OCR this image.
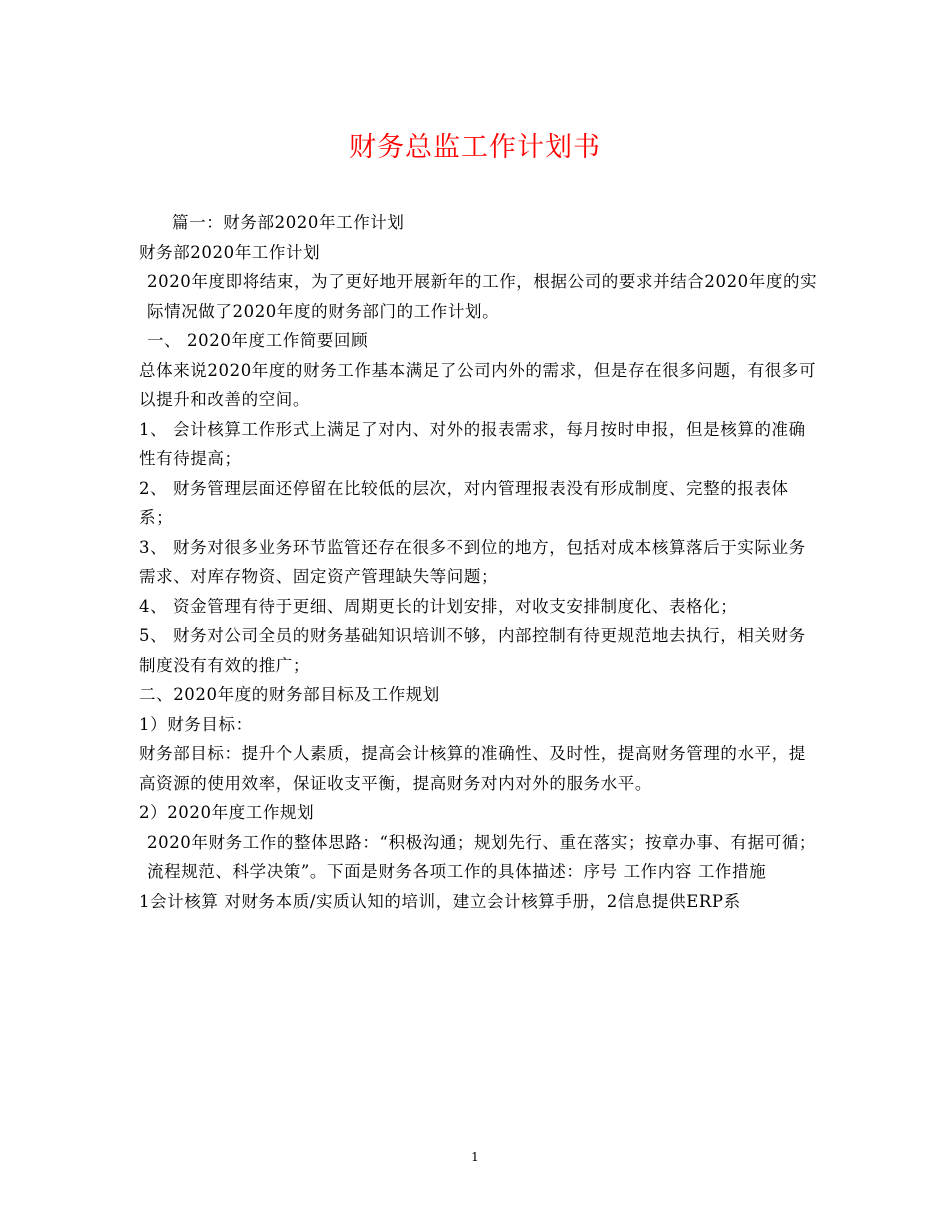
财务总监工作计划书

篇一：财务部2020年工作计划

财务部2020年工作计划

2020年度即将结束，为了更好地开展新年的工作，根据公司的要求并结合2020年度的实际情况做了2020年度的财务部门的工作计划。

一、 2020年度工作简要回顾

总体来说2020年度的财务工作基本满足了公司内外的需求，但是存在很多问题，有很多可以提升和改善的空间。

1、 会计核算工作形式上满足了对内、对外的报表需求，每月按时申报，但是核算的准确性有待提高；

2、 财务管理层面还停留在比较低的层次，对内管理报表没有形成制度、完整的报表体系；

3、 财务对很多业务环节监管还存在很多不到位的地方，包括对成本核算落后于实际业务需求、对库存物资、固定资产管理缺失等问题；

4、 资金管理有待于更细、周期更长的计划安排，对收支安排制度化、表格化；

5、 财务对公司全员的财务基础知识培训不够，内部控制有待更规范地去执行，相关财务制度没有有效的推广；

二、2020年度的财务部目标及工作规划

1）财务目标：

财务部目标：提升个人素质，提高会计核算的准确性、及时性，提高财务管理的水平，提高资源的使用效率，保证收支平衡，提高财务对内对外的服务水平。

2）2020年度工作规划

2020年财务工作的整体思路：“积极沟通；规划先行、重在落实；按章办事、有据可循；流程规范、科学决策”。下面是财务各项工作的具体描述：序号 工作内容 工作措施

1会计核算 对财务本质/实质认知的培训，建立会计核算手册，2信息提供ERP系

1
